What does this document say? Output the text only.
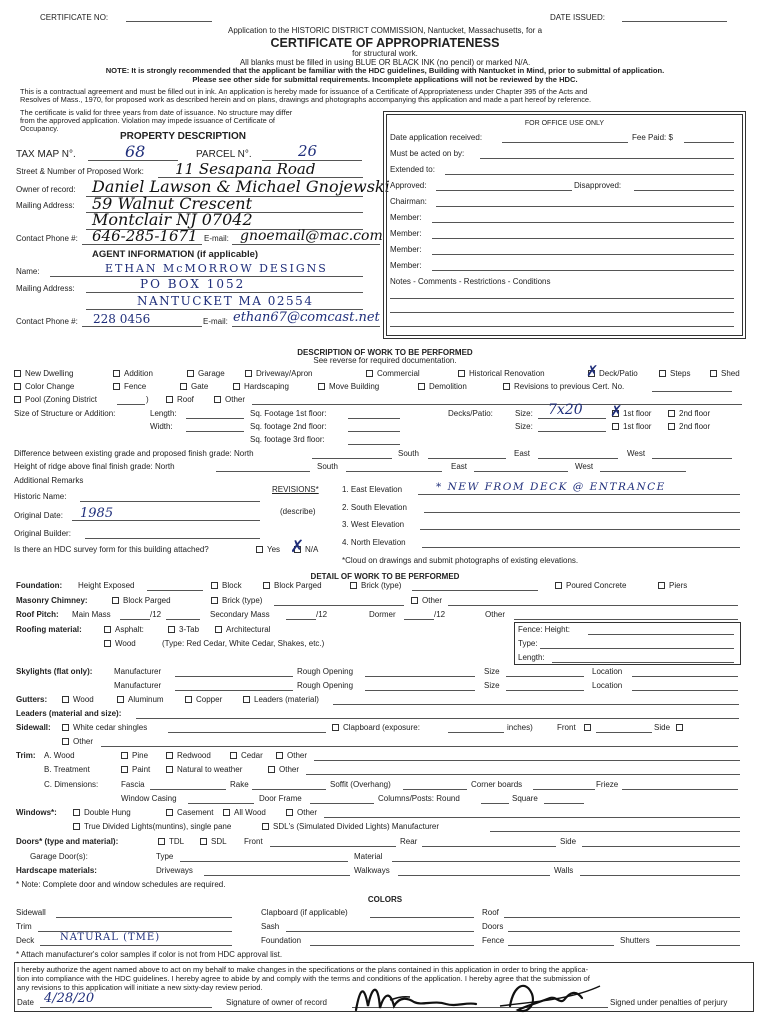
CERTIFICATE NO:	DATE ISSUED:
Application to the HISTORIC DISTRICT COMMISSION, Nantucket, Massachusetts, for a
CERTIFICATE OF APPROPRIATENESS
for structural work.
All blanks must be filled in using BLUE OR BLACK INK (no pencil) or marked N/A.
NOTE: It is strongly recommended that the applicant be familiar with the HDC guidelines, Building with Nantucket in Mind, prior to submittal of application.
Please see other side for submittal requirements. Incomplete applications will not be reviewed by the HDC.
This is a contractual agreement and must be filled out in ink. An application is hereby made for issuance of a Certificate of Appropriateness under Chapter 395 of the Acts and
Resolves of Mass., 1970, for proposed work as described herein and on plans, drawings and photographs accompanying this application and made a part hereof by reference.
The certificate is valid for three years from date of issuance. No structure may differ
from the approved application. Violation may impede issuance of Certificate of
Occupancy.
PROPERTY DESCRIPTION
TAX MAP N°.	68	PARCEL N°.	26
Street & Number of Proposed Work: 11 Sesapana Road
Owner of record: Daniel Lawson & Michael Gnojewski
Mailing Address: 59 Walnut Crescent
Montclair NJ 07042
Contact Phone #: 646-285-1671 E-mail: gnoemail@mac.com
AGENT INFORMATION (if applicable)
Name:	ETHAN McMORROW DESIGNS
Mailing Address:	PO BOX 1052
NANTUCKET MA 02554
Contact Phone #: 228 0456	E-mail: ethan67@comcast.net
FOR OFFICE USE ONLY
Date application received:	Fee Paid: $
Must be acted on by:
Extended to:
Approved:	Disapproved:
Chairman:
Member:
Member:
Member:
Member:
Notes - Comments - Restrictions - Conditions
DESCRIPTION OF WORK TO BE PERFORMED
See reverse for required documentation.
New Dwelling	Addition	Garage	Driveway/Apron	Commercial	Historical Renovation	✗ Deck/Patio	Steps	Shed
Color Change	Fence	Gate	Hardscaping	Move Building	Demolition	Revisions to previous Cert. No.
Pool (Zoning District	)	Roof	Other
Size of Structure or Addition:	Length:
Width:
Sq. Footage 1st floor:
Sq. footage 2nd floor:
Sq. footage 3rd floor:
Decks/Patio:	Size: 7x20 ✗ 1st floor	2nd floor
Size:	1st floor	2nd floor
Difference between existing grade and proposed finish grade: North	South	East	West
Height of ridge above final finish grade: North	South	East	West
Additional Remarks
Historic Name:
Original Date: 1985
Original Builder:
Is there an HDC survey form for this building attached?	Yes ✗ N/A
REVISIONS*
(describe)
1. East Elevation	* NEW FROM DECK @ ENTRANCE
2. South Elevation
3. West Elevation
4. North Elevation
*Cloud on drawings and submit photographs of existing elevations.
DETAIL OF WORK TO BE PERFORMED
Foundation: Height Exposed	Block	Block Parged	Brick (type)	Poured Concrete	Piers
Masonry Chimney:	Block Parged	Brick (type)	Other
Roof Pitch: Main Mass	/12	Secondary Mass	/12	Dormer	/12	Other
Roofing material:	Asphalt:	3-Tab	Architectural
Wood	(Type: Red Cedar, White Cedar, Shakes, etc.)
Fence: Height:
Type:
Length:
Skylights (flat only):	Manufacturer	Rough Opening	Size	Location
Manufacturer	Rough Opening	Size	Location
Gutters:	Wood	Aluminum	Copper	Leaders (material)
Leaders (material and size):
Sidewall:	White cedar shingles	Clapboard (exposure:	inches)	Front	Side
Other
Trim: A. Wood	Pine	Redwood	Cedar	Other
B. Treatment	Paint	Natural to weather	Other
C. Dimensions:	Fascia	Rake	Soffit (Overhang)	Corner boards	Frieze
Window Casing	Door Frame	Columns/Posts: Round	Square
Windows*:	Double Hung	Casement	All Wood	Other
True Divided Lights(muntins), single pane	SDL's (Simulated Divided Lights) Manufacturer
Doors* (type and material):	TDL	SDL Front	Rear	Side
Garage Door(s):	Type	Material
Hardscape materials:	Driveways	Walkways	Walls
* Note: Complete door and window schedules are required.
COLORS
Sidewall	Clapboard (if applicable)	Roof
Trim	Sash	Doors
Deck	NATURAL (TME)	Foundation	Fence	Shutters
* Attach manufacturer's color samples if color is not from HDC approval list.
I hereby authorize the agent named above to act on my behalf to make changes in the specifications or the plans contained in this application in order to bring the applica-
tion into compliance with the HDC guidelines. I hereby agree to abide by and comply with the terms and conditions of the application. I hereby agree that the submission of
any revisions to this application will initiate a new sixty-day review period.
Date 4/28/20	Signature of owner of record	Signed under penalties of perjury
